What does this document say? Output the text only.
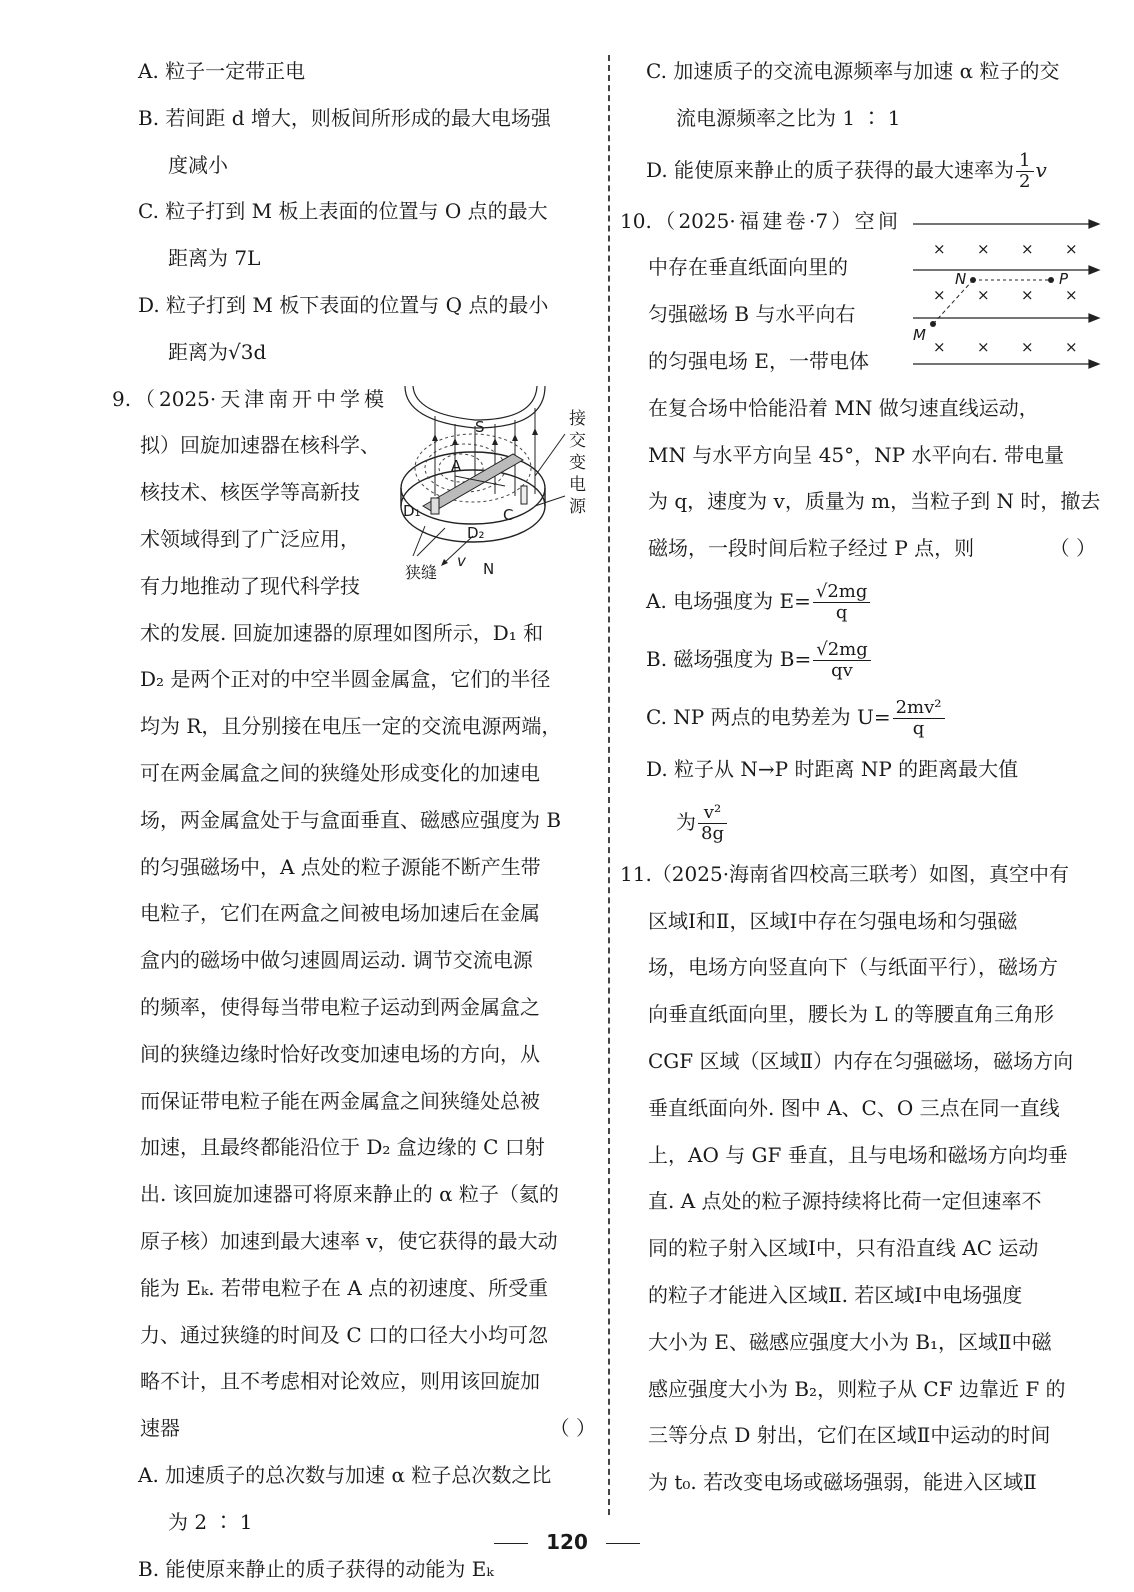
A. 粒子一定带正电
B. 若间距 d 增大，则板间所形成的最大电场强
度减小
C. 粒子打到 M 板上表面的位置与 O 点的最大
距离为 7L
D. 粒子打到 M 板下表面的位置与 Q 点的最小
距离为√3d
9.（2025·天津南开中学模
拟）回旋加速器在核科学、
核技术、核医学等高新技
术领域得到了广泛应用，
有力地推动了现代科学技
术的发展. 回旋加速器的原理如图所示，D₁ 和
D₂ 是两个正对的中空半圆金属盒，它们的半径
均为 R，且分别接在电压一定的交流电源两端，
可在两金属盒之间的狭缝处形成变化的加速电
场，两金属盒处于与盒面垂直、磁感应强度为 B
的匀强磁场中，A 点处的粒子源能不断产生带
电粒子，它们在两盒之间被电场加速后在金属
盒内的磁场中做匀速圆周运动. 调节交流电源
的频率，使得每当带电粒子运动到两金属盒之
间的狭缝边缘时恰好改变加速电场的方向，从
而保证带电粒子能在两金属盒之间狭缝处总被
加速，且最终都能沿位于 D₂ 盒边缘的 C 口射
出. 该回旋加速器可将原来静止的 α 粒子（氦的
原子核）加速到最大速率 v，使它获得的最大动
能为 Eₖ. 若带电粒子在 A 点的初速度、所受重
力、通过狭缝的时间及 C 口的口径大小均可忽
略不计，且不考虑相对论效应，则用该回旋加
速器	（ ）
A. 加速质子的总次数与加速 α 粒子总次数之比
为 2 ∶ 1
B. 能使原来静止的质子获得的动能为 Eₖ
S
A
C
D₁
D₂
v N
狭缝
接
交
变
电
源
C. 加速质子的交流电源频率与加速 α 粒子的交
流电源频率之比为 1 ∶ 1
D. 能使原来静止的质子获得的最大速率为 $\frac{1}{2}$ v
10.（2025·福建卷·7）空间
中存在垂直纸面向里的
匀强磁场 B 与水平向右
的匀强电场 E，一带电体
在复合场中恰能沿着 MN 做匀速直线运动，
MN 与水平方向呈 45°，NP 水平向右. 带电量
为 q，速度为 v，质量为 m，当粒子到 N 时，撤去
磁场，一段时间后粒子经过 P 点，则	（ ）
A. 电场强度为 $E= \frac{√2mg}{q}$
B. 磁场强度为 $B= \frac{√2mg}{qv}$
C. NP 两点的电势差为 $U= \frac{\text{2mv²}}{q}$
D. 粒子从 N→P 时距离 NP 的距离最大值
为 $\frac{\text{v²}}{8g}$
11.（2025·海南省四校高三联考）如图，真空中有
区域Ⅰ和Ⅱ，区域Ⅰ中存在匀强电场和匀强磁
场，电场方向竖直向下（与纸面平行），磁场方
向垂直纸面向里，腰长为 L 的等腰直角三角形
CGF 区域（区域Ⅱ）内存在匀强磁场，磁场方向
垂直纸面向外. 图中 A、C、O 三点在同一直线
上，AO 与 GF 垂直，且与电场和磁场方向均垂
直. A 点处的粒子源持续将比荷一定但速率不
同的粒子射入区域Ⅰ中，只有沿直线 AC 运动
的粒子才能进入区域Ⅱ. 若区域Ⅰ中电场强度
大小为 E、磁感应强度大小为 B₁，区域Ⅱ中磁
感应强度大小为 B₂，则粒子从 CF 边靠近 F 的
三等分点 D 射出，它们在区域Ⅱ中运动的时间
为 t₀. 若改变电场或磁场强弱，能进入区域Ⅱ
× × × ×
× × × ×
× × × ×
N	P
M
120
